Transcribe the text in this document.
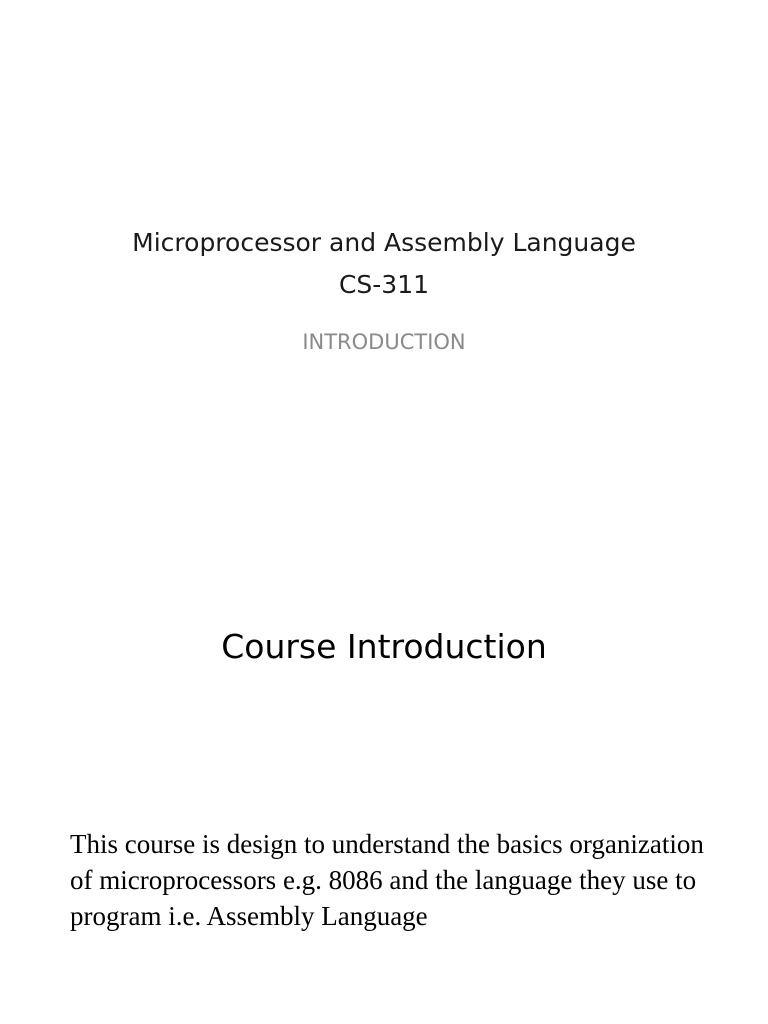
Microprocessor and Assembly Language
CS-311

INTRODUCTION

Course Introduction

This course is design to understand the basics organization of microprocessors e.g. 8086 and the language they use to program i.e. Assembly Language
